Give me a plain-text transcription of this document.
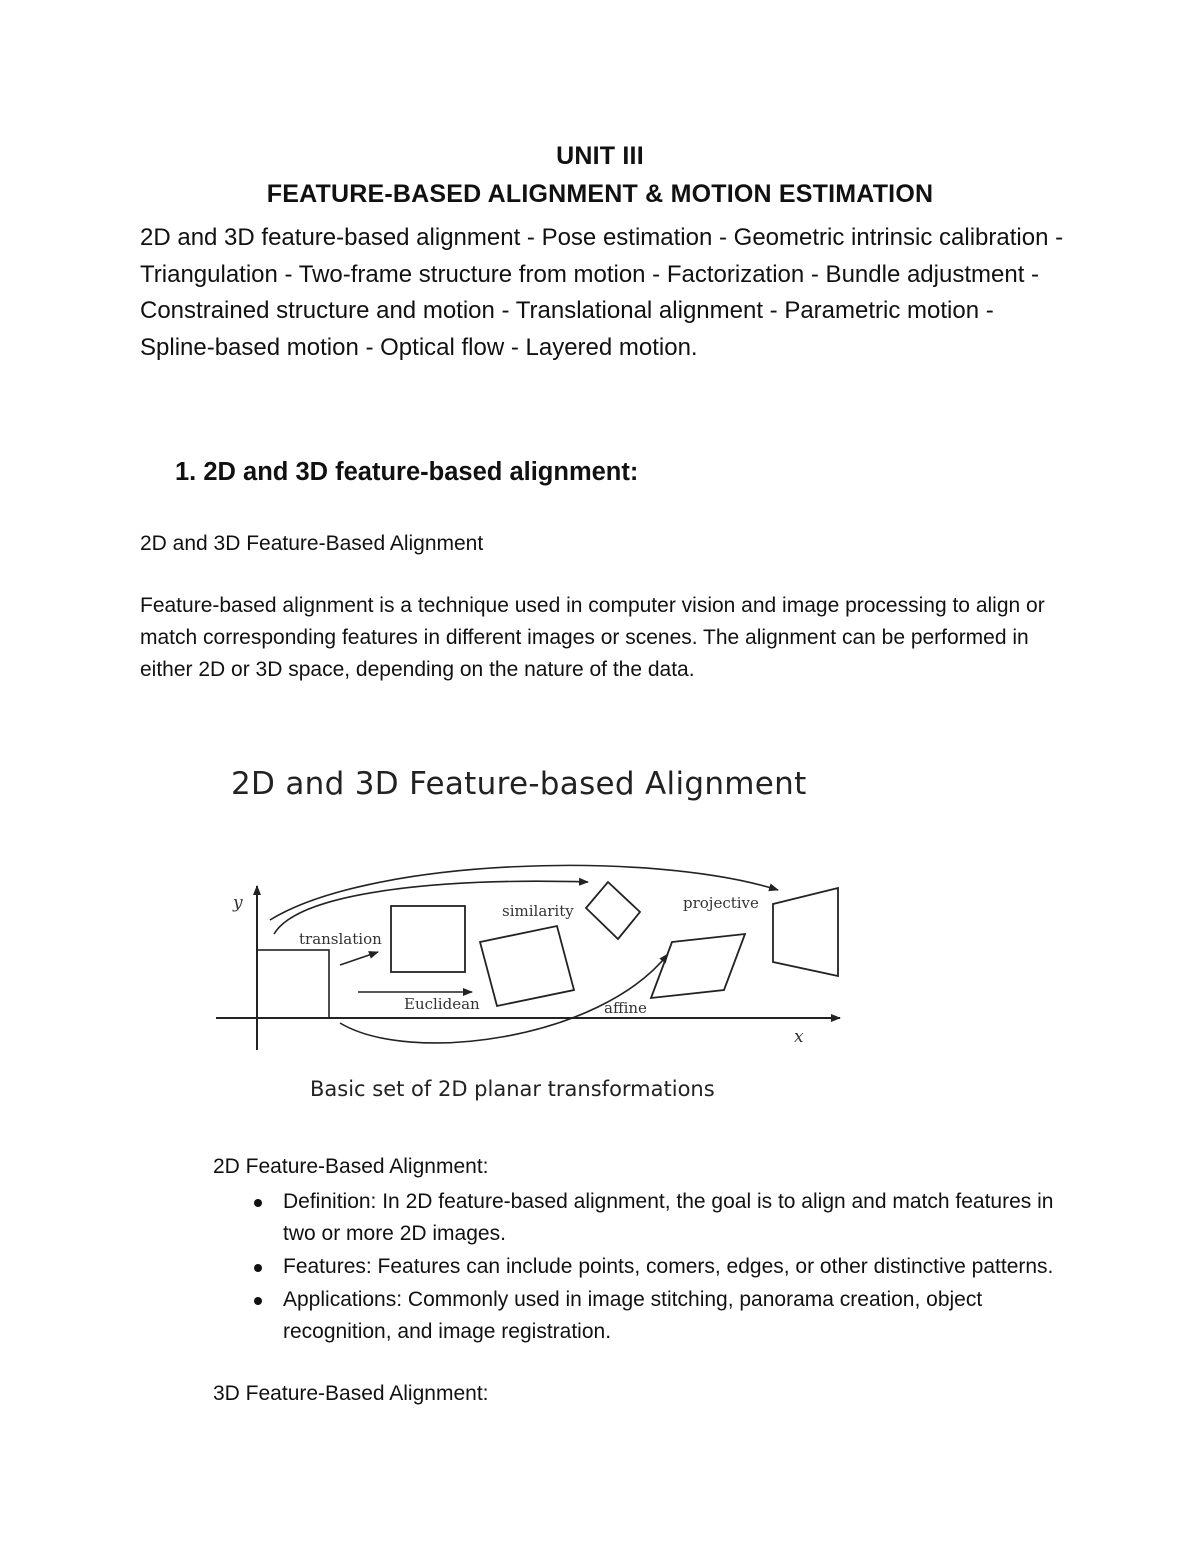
UNIT III
FEATURE-BASED ALIGNMENT & MOTION ESTIMATION

2D and 3D feature-based alignment - Pose estimation - Geometric intrinsic calibration - Triangulation - Two-frame structure from motion - Factorization - Bundle adjustment - Constrained structure and motion - Translational alignment - Parametric motion - Spline-based motion - Optical flow - Layered motion.

1. 2D and 3D feature-based alignment:

2D and 3D Feature-Based Alignment

Feature-based alignment is a technique used in computer vision and image processing to align or match corresponding features in different images or scenes. The alignment can be performed in either 2D or 3D space, depending on the nature of the data.

2D and 3D Feature-based Alignment
y
x
translation
Euclidean
similarity
affine
projective
Basic set of 2D planar transformations

2D Feature-Based Alignment:

Definition: In 2D feature-based alignment, the goal is to align and match features in two or more 2D images.
Features: Features can include points, comers, edges, or other distinctive patterns.
Applications: Commonly used in image stitching, panorama creation, object recognition, and image registration.

3D Feature-Based Alignment:
